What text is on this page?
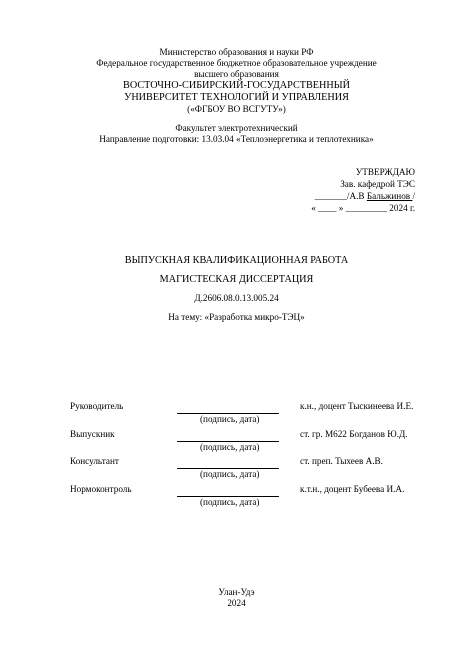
Министерство образования и науки РФ
Федеральное государственное бюджетное образовательное учреждение
высшего образования
ВОСТОЧНО-СИБИРСКИЙ-ГОСУДАРСТВЕННЫЙ
УНИВЕРСИТЕТ ТЕХНОЛОГИЙ И УПРАВЛЕНИЯ
(«ФГБОУ ВО ВСГУТУ»)
Факультет электротехнический
Направление подготовки: 13.03.04 «Теплоэнергетика и теплотехника»
УТВЕРЖДАЮ
Зав. кафедрой ТЭС
_______/А.В Бальжинов /
« ____ » _________ 2024 г.
ВЫПУСКНАЯ КВАЛИФИКАЦИОННАЯ РАБОТА
МАГИСТЕСКАЯ ДИССЕРТАЦИЯ
Д.2606.08.0.13.005.24
На тему: «Разработка микро-ТЭЦ»
Руководитель	к.н., доцент Тыскинеева И.Е.
(подпись, дата)
Выпускник	ст. гр. М622 Богданов Ю.Д.
(подпись, дата)
Консультант	ст. преп. Тыхеев А.В.
(подпись, дата)
Нормоконтроль	к.т.н., доцент Бубеева И.А.
(подпись, дата)
Улан-Удэ
2024
